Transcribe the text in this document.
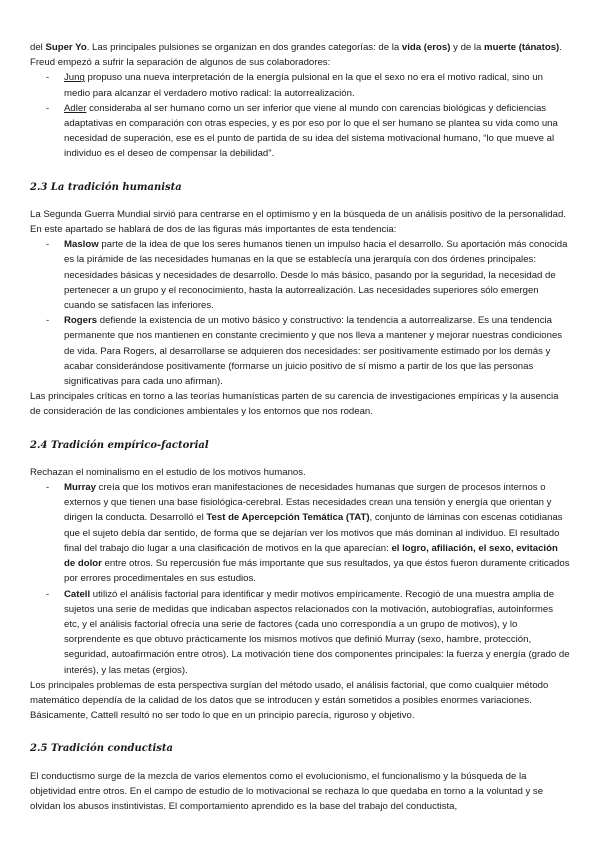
del Super Yo. Las principales pulsiones se organizan en dos grandes categorías: de la vida (eros) y de la muerte (tánatos). Freud empezó a sufrir la separación de algunos de sus colaboradores:

- Jung propuso una nueva interpretación de la energía pulsional en la que el sexo no era el motivo radical, sino un medio para alcanzar el verdadero motivo radical: la autorrealización.
- Adler consideraba al ser humano como un ser inferior que viene al mundo con carencias biológicas y deficiencias adaptativas en comparación con otras especies, y es por eso por lo que el ser humano se plantea su vida como una necesidad de superación, ese es el punto de partida de su idea del sistema motivacional humano, “lo que mueve al individuo es el deseo de compensar la debilidad”.
2.3 La tradición humanista

La Segunda Guerra Mundial sirvió para centrarse en el optimismo y en la búsqueda de un análisis positivo de la personalidad. En este apartado se hablará de dos de las figuras más importantes de esta tendencia:

- Maslow parte de la idea de que los seres humanos tienen un impulso hacia el desarrollo. Su aportación más conocida es la pirámide de las necesidades humanas en la que se establecía una jerarquía con dos órdenes principales: necesidades básicas y necesidades de desarrollo. Desde lo más básico, pasando por la seguridad, la necesidad de pertenecer a un grupo y el reconocimiento, hasta la autorrealización. Las necesidades superiores sólo emergen cuando se satisfacen las inferiores.
- Rogers defiende la existencia de un motivo básico y constructivo: la tendencia a autorrealizarse. Es una tendencia permanente que nos mantienen en constante crecimiento y que nos lleva a mantener y mejorar nuestras condiciones de vida. Para Rogers, al desarrollarse se adquieren dos necesidades: ser positivamente estimado por los demás y acabar considerándose positivamente (formarse un juicio positivo de sí mismo a partir de los que las personas significativas para cada uno afirman).

Las principales críticas en torno a las teorías humanísticas parten de su carencia de investigaciones empíricas y la ausencia de consideración de las condiciones ambientales y los entornos que nos rodean.

2.4 Tradición empírico-factorial

Rechazan el nominalismo en el estudio de los motivos humanos.

- Murray creía que los motivos eran manifestaciones de necesidades humanas que surgen de procesos internos o externos y que tienen una base fisiológica-cerebral. Estas necesidades crean una tensión y energía que orientan y dirigen la conducta. Desarrolló el Test de Apercepción Temática (TAT), conjunto de láminas con escenas cotidianas que el sujeto debía dar sentido, de forma que se dejarían ver los motivos que más dominan al individuo. El resultado final del trabajo dio lugar a una clasificación de motivos en la que aparecían: el logro, afiliación, el sexo, evitación de dolor entre otros. Su repercusión fue más importante que sus resultados, ya que éstos fueron duramente criticados por errores procedimentales en sus estudios.
- Catell utilizó el análisis factorial para identificar y medir motivos empíricamente. Recogió de una muestra amplia de sujetos una serie de medidas que indicaban aspectos relacionados con la motivación, autobiografías, autoinformes etc, y el análisis factorial ofrecía una serie de factores (cada uno correspondía a un grupo de motivos), y lo sorprendente es que obtuvo prácticamente los mismos motivos que definió Murray (sexo, hambre, protección, seguridad, autoafirmación entre otros). La motivación tiene dos componentes principales: la fuerza y energía (grado de interés), y las metas (ergios).

Los principales problemas de esta perspectiva surgían del método usado, el análisis factorial, que como cualquier método matemático dependía de la calidad de los datos que se introducen y están sometidos a posibles enormes variaciones. Básicamente, Cattell resultó no ser todo lo que en un principio parecía, riguroso y objetivo.

2.5 Tradición conductista

El conductismo surge de la mezcla de varios elementos como el evolucionismo, el funcionalismo y la búsqueda de la objetividad entre otros. En el campo de estudio de lo motivacional se rechaza lo que quedaba en torno a la voluntad y se olvidan los abusos instintivistas. El comportamiento aprendido es la base del trabajo del conductista,
